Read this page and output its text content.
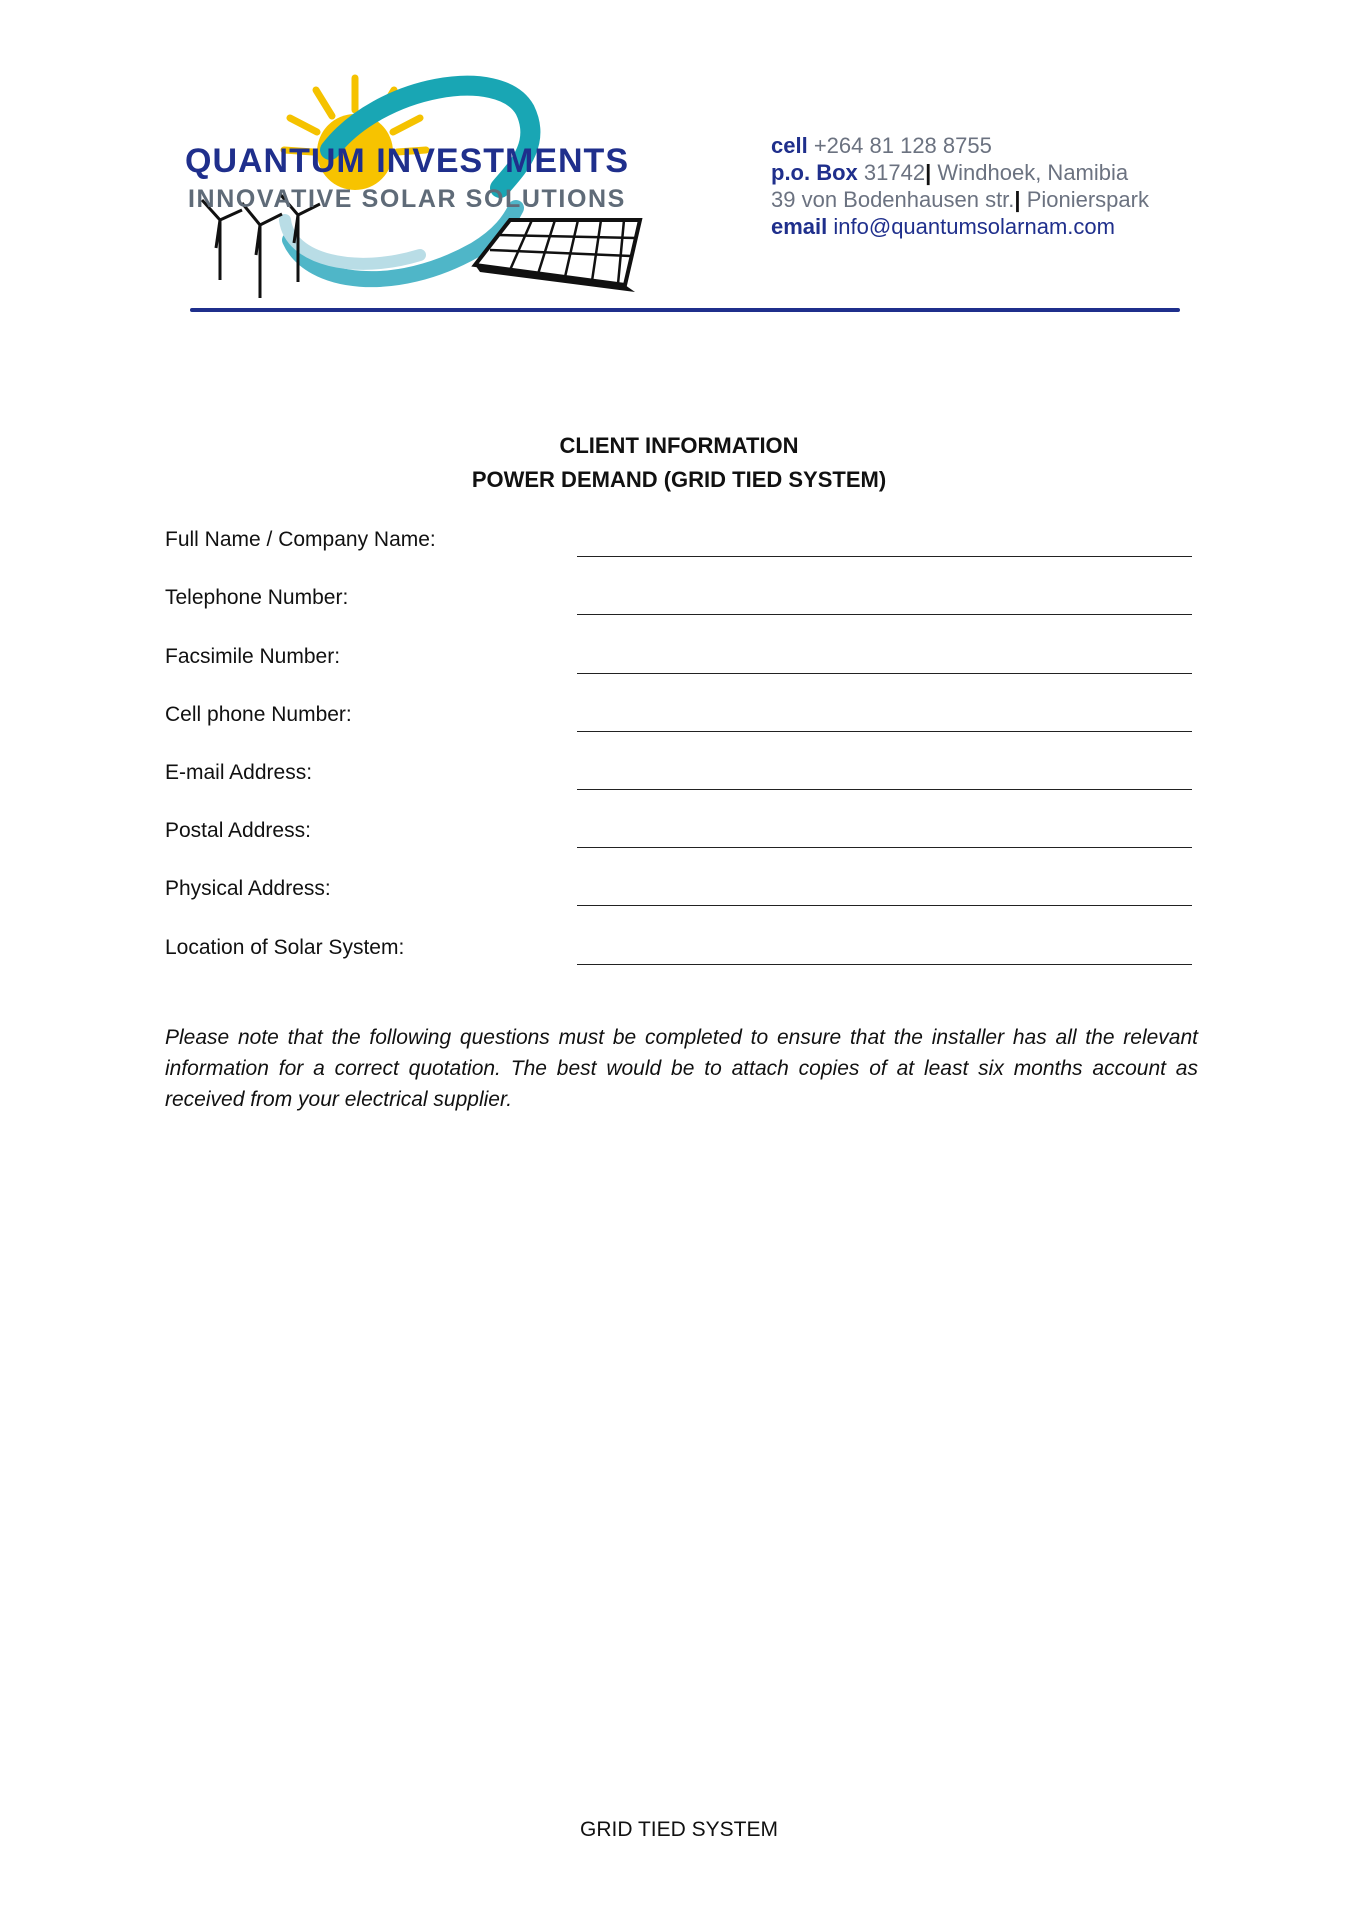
QUANTUM INVESTMENTS
INNOVATIVE SOLAR SOLUTIONS
cell +264 81 128 8755
p.o. Box 31742| Windhoek, Namibia
39 von Bodenhausen str.| Pionierspark
email info@quantumsolarnam.com
CLIENT INFORMATION
POWER DEMAND (GRID TIED SYSTEM)
Full Name / Company Name:
Telephone Number:
Facsimile Number:
Cell phone Number:
E-mail Address:
Postal Address:
Physical Address:
Location of Solar System:
Please note that the following questions must be completed to ensure that the installer has all the relevant information for a correct quotation. The best would be to attach copies of at least six months account as received from your electrical supplier.
GRID TIED SYSTEM
